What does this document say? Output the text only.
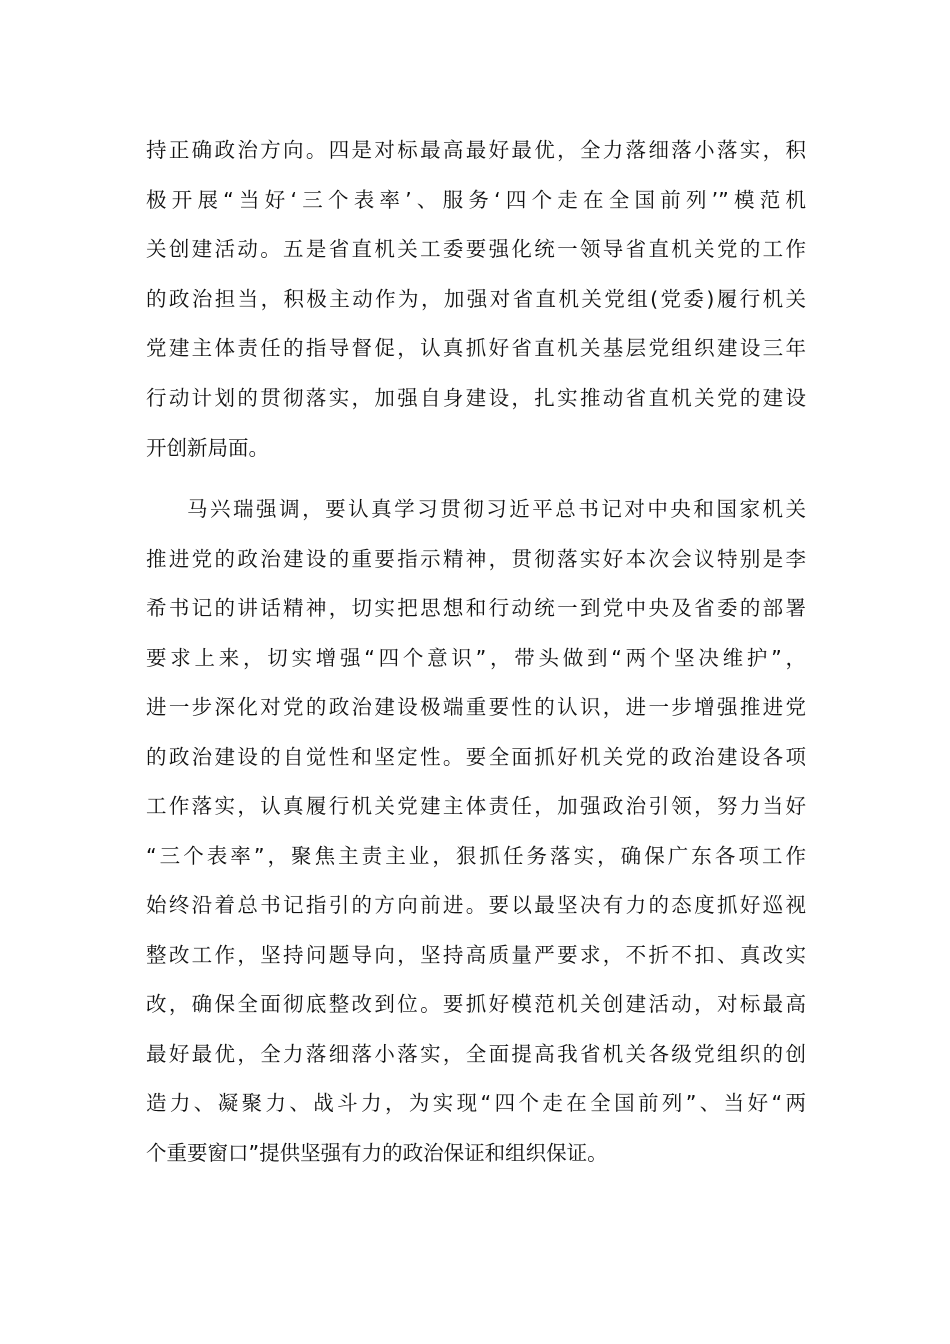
持正确政治方向。四是对标最高最好最优，全力落细落小落实，积
极开展“当好‘三个表率’、服务‘四个走在全国前列’”模范机
关创建活动。五是省直机关工委要强化统一领导省直机关党的工作
的政治担当，积极主动作为，加强对省直机关党组(党委)履行机关
党建主体责任的指导督促，认真抓好省直机关基层党组织建设三年
行动计划的贯彻落实，加强自身建设，扎实推动省直机关党的建设
开创新局面。
马兴瑞强调，要认真学习贯彻习近平总书记对中央和国家机关
推进党的政治建设的重要指示精神，贯彻落实好本次会议特别是李
希书记的讲话精神，切实把思想和行动统一到党中央及省委的部署
要求上来，切实增强“四个意识”，带头做到“两个坚决维护”，
进一步深化对党的政治建设极端重要性的认识，进一步增强推进党
的政治建设的自觉性和坚定性。要全面抓好机关党的政治建设各项
工作落实，认真履行机关党建主体责任，加强政治引领，努力当好
“三个表率”，聚焦主责主业，狠抓任务落实，确保广东各项工作
始终沿着总书记指引的方向前进。要以最坚决有力的态度抓好巡视
整改工作，坚持问题导向，坚持高质量严要求，不折不扣、真改实
改，确保全面彻底整改到位。要抓好模范机关创建活动，对标最高
最好最优，全力落细落小落实，全面提高我省机关各级党组织的创
造力、凝聚力、战斗力，为实现“四个走在全国前列”、当好“两
个重要窗口”提供坚强有力的政治保证和组织保证。
